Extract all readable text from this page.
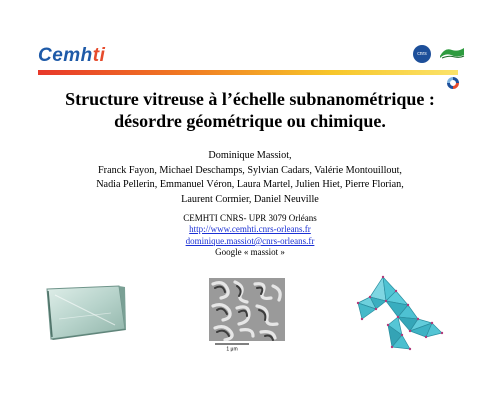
Cemhti	cnrs
Structure vitreuse à l’échelle subnanométrique :
désordre géométrique ou chimique.
Dominique Massiot,
Franck Fayon, Michael Deschamps, Sylvian Cadars, Valérie Montouillout,
Nadia Pellerin, Emmanuel Véron, Laura Martel, Julien Hiet, Pierre Florian,
Laurent Cormier, Daniel Neuville
CEMHTI CNRS- UPR 3079 Orléans
http://www.cemhti.cnrs-orleans.fr
dominique.massiot@cnrs-orleans.fr
Google « massiot »
1 μm
